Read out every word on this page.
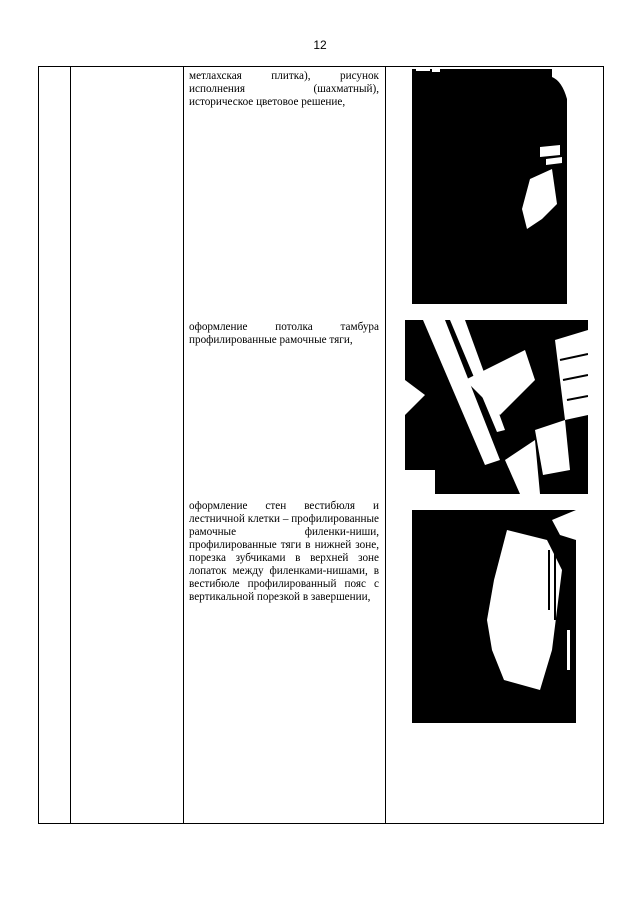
12
метлахская плитка), рисунок исполнения (шахматный), историческое цветовое решение,
оформление потолка тамбура профилированные рамочные тяги,
оформление стен вестибюля и лестничной клетки – профилированные рамочные филенки-ниши, профилированные тяги в нижней зоне, порезка зубчиками в верхней зоне лопаток между филенками-нишами, в вестибюле профилированный пояс с вертикальной порезкой в завершении,
